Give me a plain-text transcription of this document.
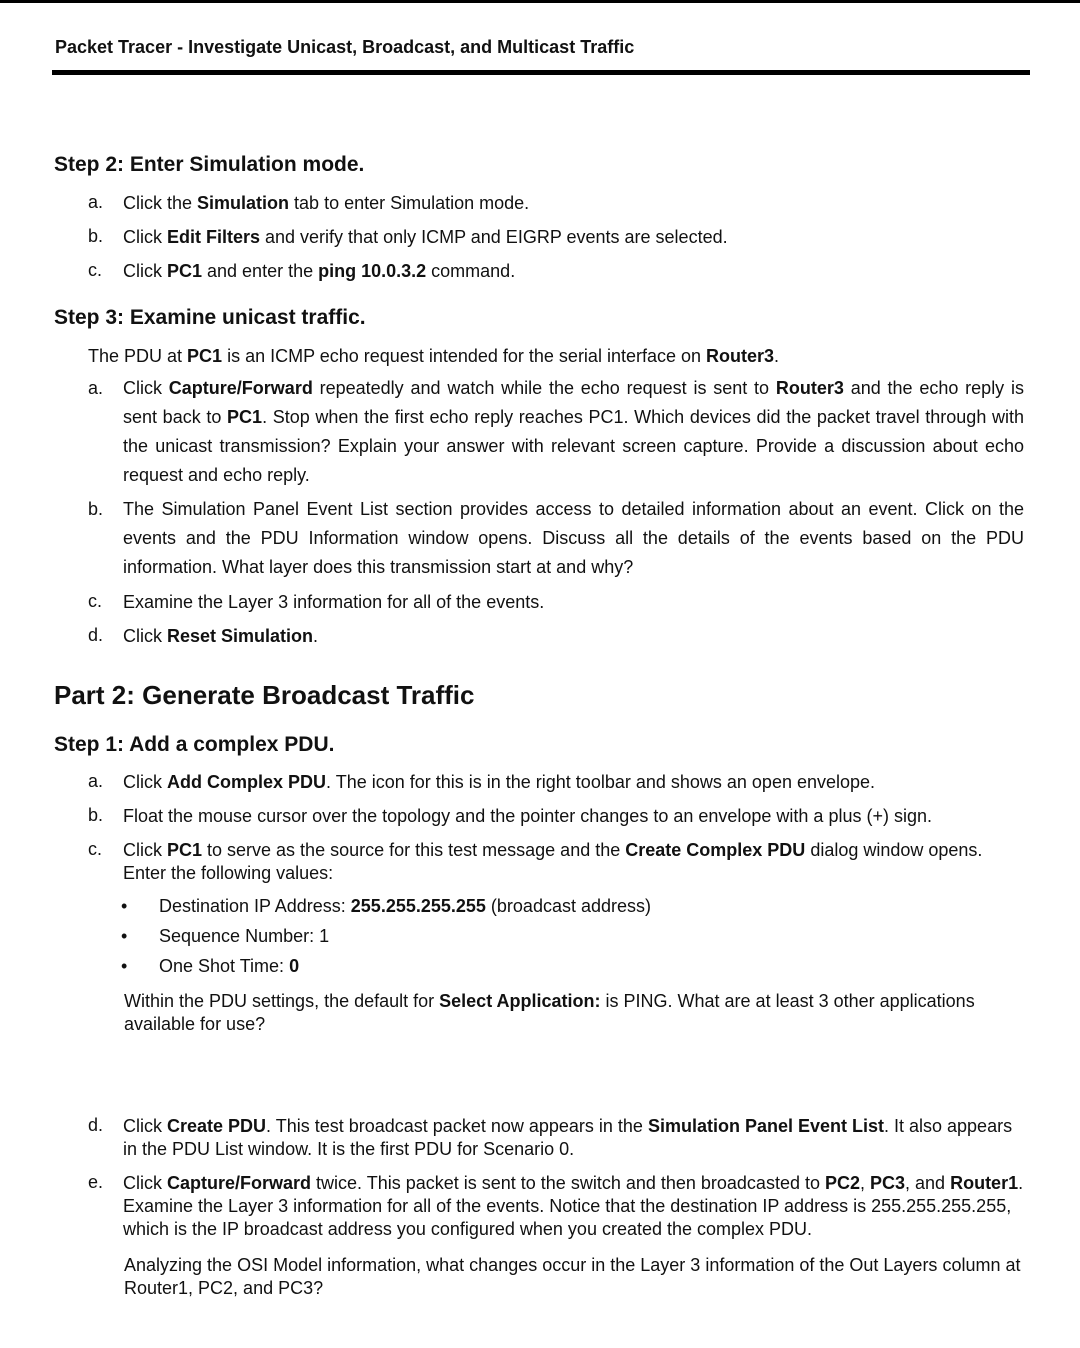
Packet Tracer - Investigate Unicast, Broadcast, and Multicast Traffic
Step 2: Enter Simulation mode.
a. Click the Simulation tab to enter Simulation mode.
b. Click Edit Filters and verify that only ICMP and EIGRP events are selected.
c. Click PC1 and enter the ping 10.0.3.2 command.
Step 3: Examine unicast traffic.
The PDU at PC1 is an ICMP echo request intended for the serial interface on Router3.
a. Click Capture/Forward repeatedly and watch while the echo request is sent to Router3 and the echo reply is sent back to PC1. Stop when the first echo reply reaches PC1. Which devices did the packet travel through with the unicast transmission? Explain your answer with relevant screen capture. Provide a discussion about echo request and echo reply.
b. The Simulation Panel Event List section provides access to detailed information about an event. Click on the events and the PDU Information window opens. Discuss all the details of the events based on the PDU information. What layer does this transmission start at and why?
c. Examine the Layer 3 information for all of the events.
d. Click Reset Simulation.
Part 2: Generate Broadcast Traffic
Step 1: Add a complex PDU.
a. Click Add Complex PDU. The icon for this is in the right toolbar and shows an open envelope.
b. Float the mouse cursor over the topology and the pointer changes to an envelope with a plus (+) sign.
c. Click PC1 to serve as the source for this test message and the Create Complex PDU dialog window opens. Enter the following values:
• Destination IP Address: 255.255.255.255 (broadcast address)
• Sequence Number: 1
• One Shot Time: 0
Within the PDU settings, the default for Select Application: is PING. What are at least 3 other applications available for use?
d. Click Create PDU. This test broadcast packet now appears in the Simulation Panel Event List. It also appears in the PDU List window. It is the first PDU for Scenario 0.
e. Click Capture/Forward twice. This packet is sent to the switch and then broadcasted to PC2, PC3, and Router1. Examine the Layer 3 information for all of the events. Notice that the destination IP address is 255.255.255.255, which is the IP broadcast address you configured when you created the complex PDU.
Analyzing the OSI Model information, what changes occur in the Layer 3 information of the Out Layers column at Router1, PC2, and PC3?
